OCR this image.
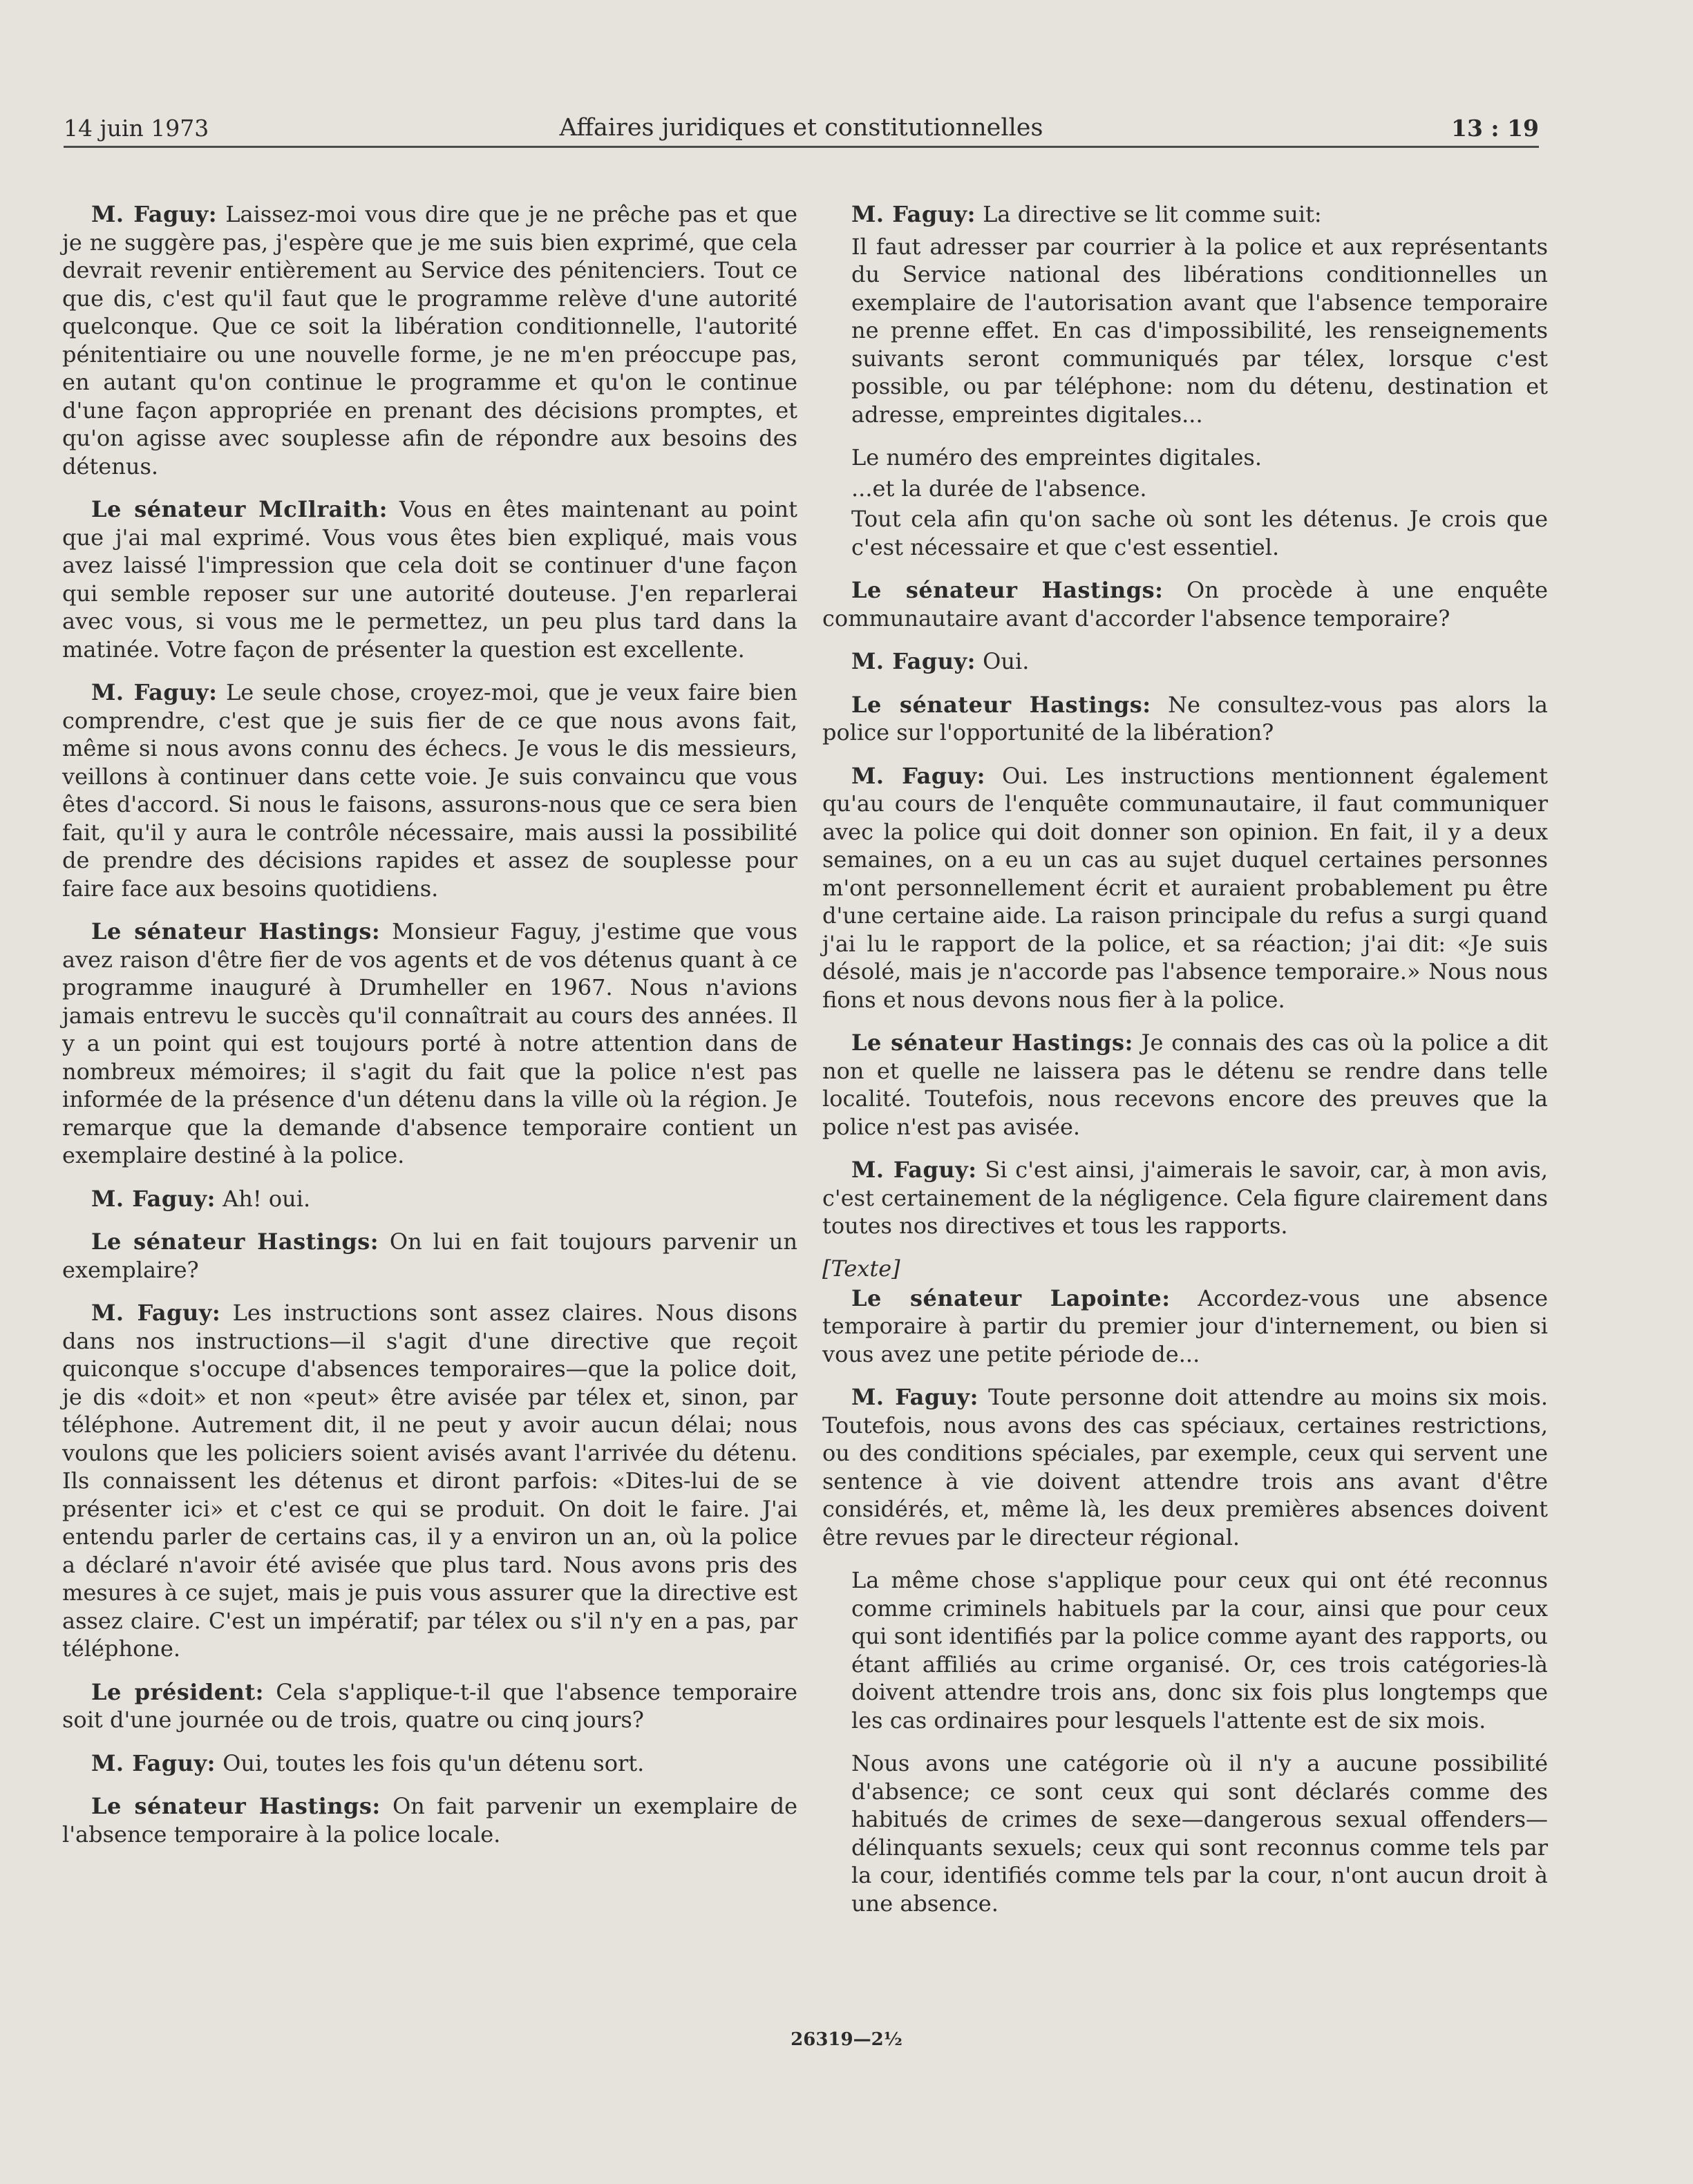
14 juin 1973	Affaires juridiques et constitutionnelles	13 : 19

M. Faguy: Laissez-moi vous dire que je ne prêche pas et que je ne suggère pas, j'espère que je me suis bien exprimé, que cela devrait revenir entièrement au Service des pénitenciers. Tout ce que dis, c'est qu'il faut que le programme relève d'une autorité quelconque. Que ce soit la libération conditionnelle, l'autorité pénitentiaire ou une nouvelle forme, je ne m'en préoccupe pas, en autant qu'on continue le programme et qu'on le continue d'une façon appropriée en prenant des décisions promptes, et qu'on agisse avec souplesse afin de répondre aux besoins des détenus.

Le sénateur McIlraith: Vous en êtes maintenant au point que j'ai mal exprimé. Vous vous êtes bien expliqué, mais vous avez laissé l'impression que cela doit se continuer d'une façon qui semble reposer sur une autorité douteuse. J'en reparlerai avec vous, si vous me le permettez, un peu plus tard dans la matinée. Votre façon de présenter la question est excellente.

M. Faguy: Le seule chose, croyez-moi, que je veux faire bien comprendre, c'est que je suis fier de ce que nous avons fait, même si nous avons connu des échecs. Je vous le dis messieurs, veillons à continuer dans cette voie. Je suis convaincu que vous êtes d'accord. Si nous le faisons, assurons-nous que ce sera bien fait, qu'il y aura le contrôle nécessaire, mais aussi la possibilité de prendre des décisions rapides et assez de souplesse pour faire face aux besoins quotidiens.

Le sénateur Hastings: Monsieur Faguy, j'estime que vous avez raison d'être fier de vos agents et de vos détenus quant à ce programme inauguré à Drumheller en 1967. Nous n'avions jamais entrevu le succès qu'il connaîtrait au cours des années. Il y a un point qui est toujours porté à notre attention dans de nombreux mémoires; il s'agit du fait que la police n'est pas informée de la présence d'un détenu dans la ville où la région. Je remarque que la demande d'absence temporaire contient un exemplaire destiné à la police.

M. Faguy: Ah! oui.

Le sénateur Hastings: On lui en fait toujours parvenir un exemplaire?

M. Faguy: Les instructions sont assez claires. Nous disons dans nos instructions—il s'agit d'une directive que reçoit quiconque s'occupe d'absences temporaires—que la police doit, je dis «doit» et non «peut» être avisée par télex et, sinon, par téléphone. Autrement dit, il ne peut y avoir aucun délai; nous voulons que les policiers soient avisés avant l'arrivée du détenu. Ils connaissent les détenus et diront parfois: «Dites-lui de se présenter ici» et c'est ce qui se produit. On doit le faire. J'ai entendu parler de certains cas, il y a environ un an, où la police a déclaré n'avoir été avisée que plus tard. Nous avons pris des mesures à ce sujet, mais je puis vous assurer que la directive est assez claire. C'est un impératif; par télex ou s'il n'y en a pas, par téléphone.

Le président: Cela s'applique-t-il que l'absence temporaire soit d'une journée ou de trois, quatre ou cinq jours?

M. Faguy: Oui, toutes les fois qu'un détenu sort.

Le sénateur Hastings: On fait parvenir un exemplaire de l'absence temporaire à la police locale.

M. Faguy: La directive se lit comme suit:

Il faut adresser par courrier à la police et aux représentants du Service national des libérations conditionnelles un exemplaire de l'autorisation avant que l'absence temporaire ne prenne effet. En cas d'impossibilité, les renseignements suivants seront communiqués par télex, lorsque c'est possible, ou par téléphone: nom du détenu, destination et adresse, empreintes digitales...

Le numéro des empreintes digitales.

...et la durée de l'absence.

Tout cela afin qu'on sache où sont les détenus. Je crois que c'est nécessaire et que c'est essentiel.

Le sénateur Hastings: On procède à une enquête communautaire avant d'accorder l'absence temporaire?

M. Faguy: Oui.

Le sénateur Hastings: Ne consultez-vous pas alors la police sur l'opportunité de la libération?

M. Faguy: Oui. Les instructions mentionnent également qu'au cours de l'enquête communautaire, il faut communiquer avec la police qui doit donner son opinion. En fait, il y a deux semaines, on a eu un cas au sujet duquel certaines personnes m'ont personnellement écrit et auraient probablement pu être d'une certaine aide. La raison principale du refus a surgi quand j'ai lu le rapport de la police, et sa réaction; j'ai dit: «Je suis désolé, mais je n'accorde pas l'absence temporaire.» Nous nous fions et nous devons nous fier à la police.

Le sénateur Hastings: Je connais des cas où la police a dit non et quelle ne laissera pas le détenu se rendre dans telle localité. Toutefois, nous recevons encore des preuves que la police n'est pas avisée.

M. Faguy: Si c'est ainsi, j'aimerais le savoir, car, à mon avis, c'est certainement de la négligence. Cela figure clairement dans toutes nos directives et tous les rapports.

[Texte]

Le sénateur Lapointe: Accordez-vous une absence temporaire à partir du premier jour d'internement, ou bien si vous avez une petite période de...

M. Faguy: Toute personne doit attendre au moins six mois. Toutefois, nous avons des cas spéciaux, certaines restrictions, ou des conditions spéciales, par exemple, ceux qui servent une sentence à vie doivent attendre trois ans avant d'être considérés, et, même là, les deux premières absences doivent être revues par le directeur régional.

La même chose s'applique pour ceux qui ont été reconnus comme criminels habituels par la cour, ainsi que pour ceux qui sont identifiés par la police comme ayant des rapports, ou étant affiliés au crime organisé. Or, ces trois catégories-là doivent attendre trois ans, donc six fois plus longtemps que les cas ordinaires pour lesquels l'attente est de six mois.

Nous avons une catégorie où il n'y a aucune possibilité d'absence; ce sont ceux qui sont déclarés comme des habitués de crimes de sexe—dangerous sexual offenders—délinquants sexuels; ceux qui sont reconnus comme tels par la cour, identifiés comme tels par la cour, n'ont aucun droit à une absence.

26319—2½
